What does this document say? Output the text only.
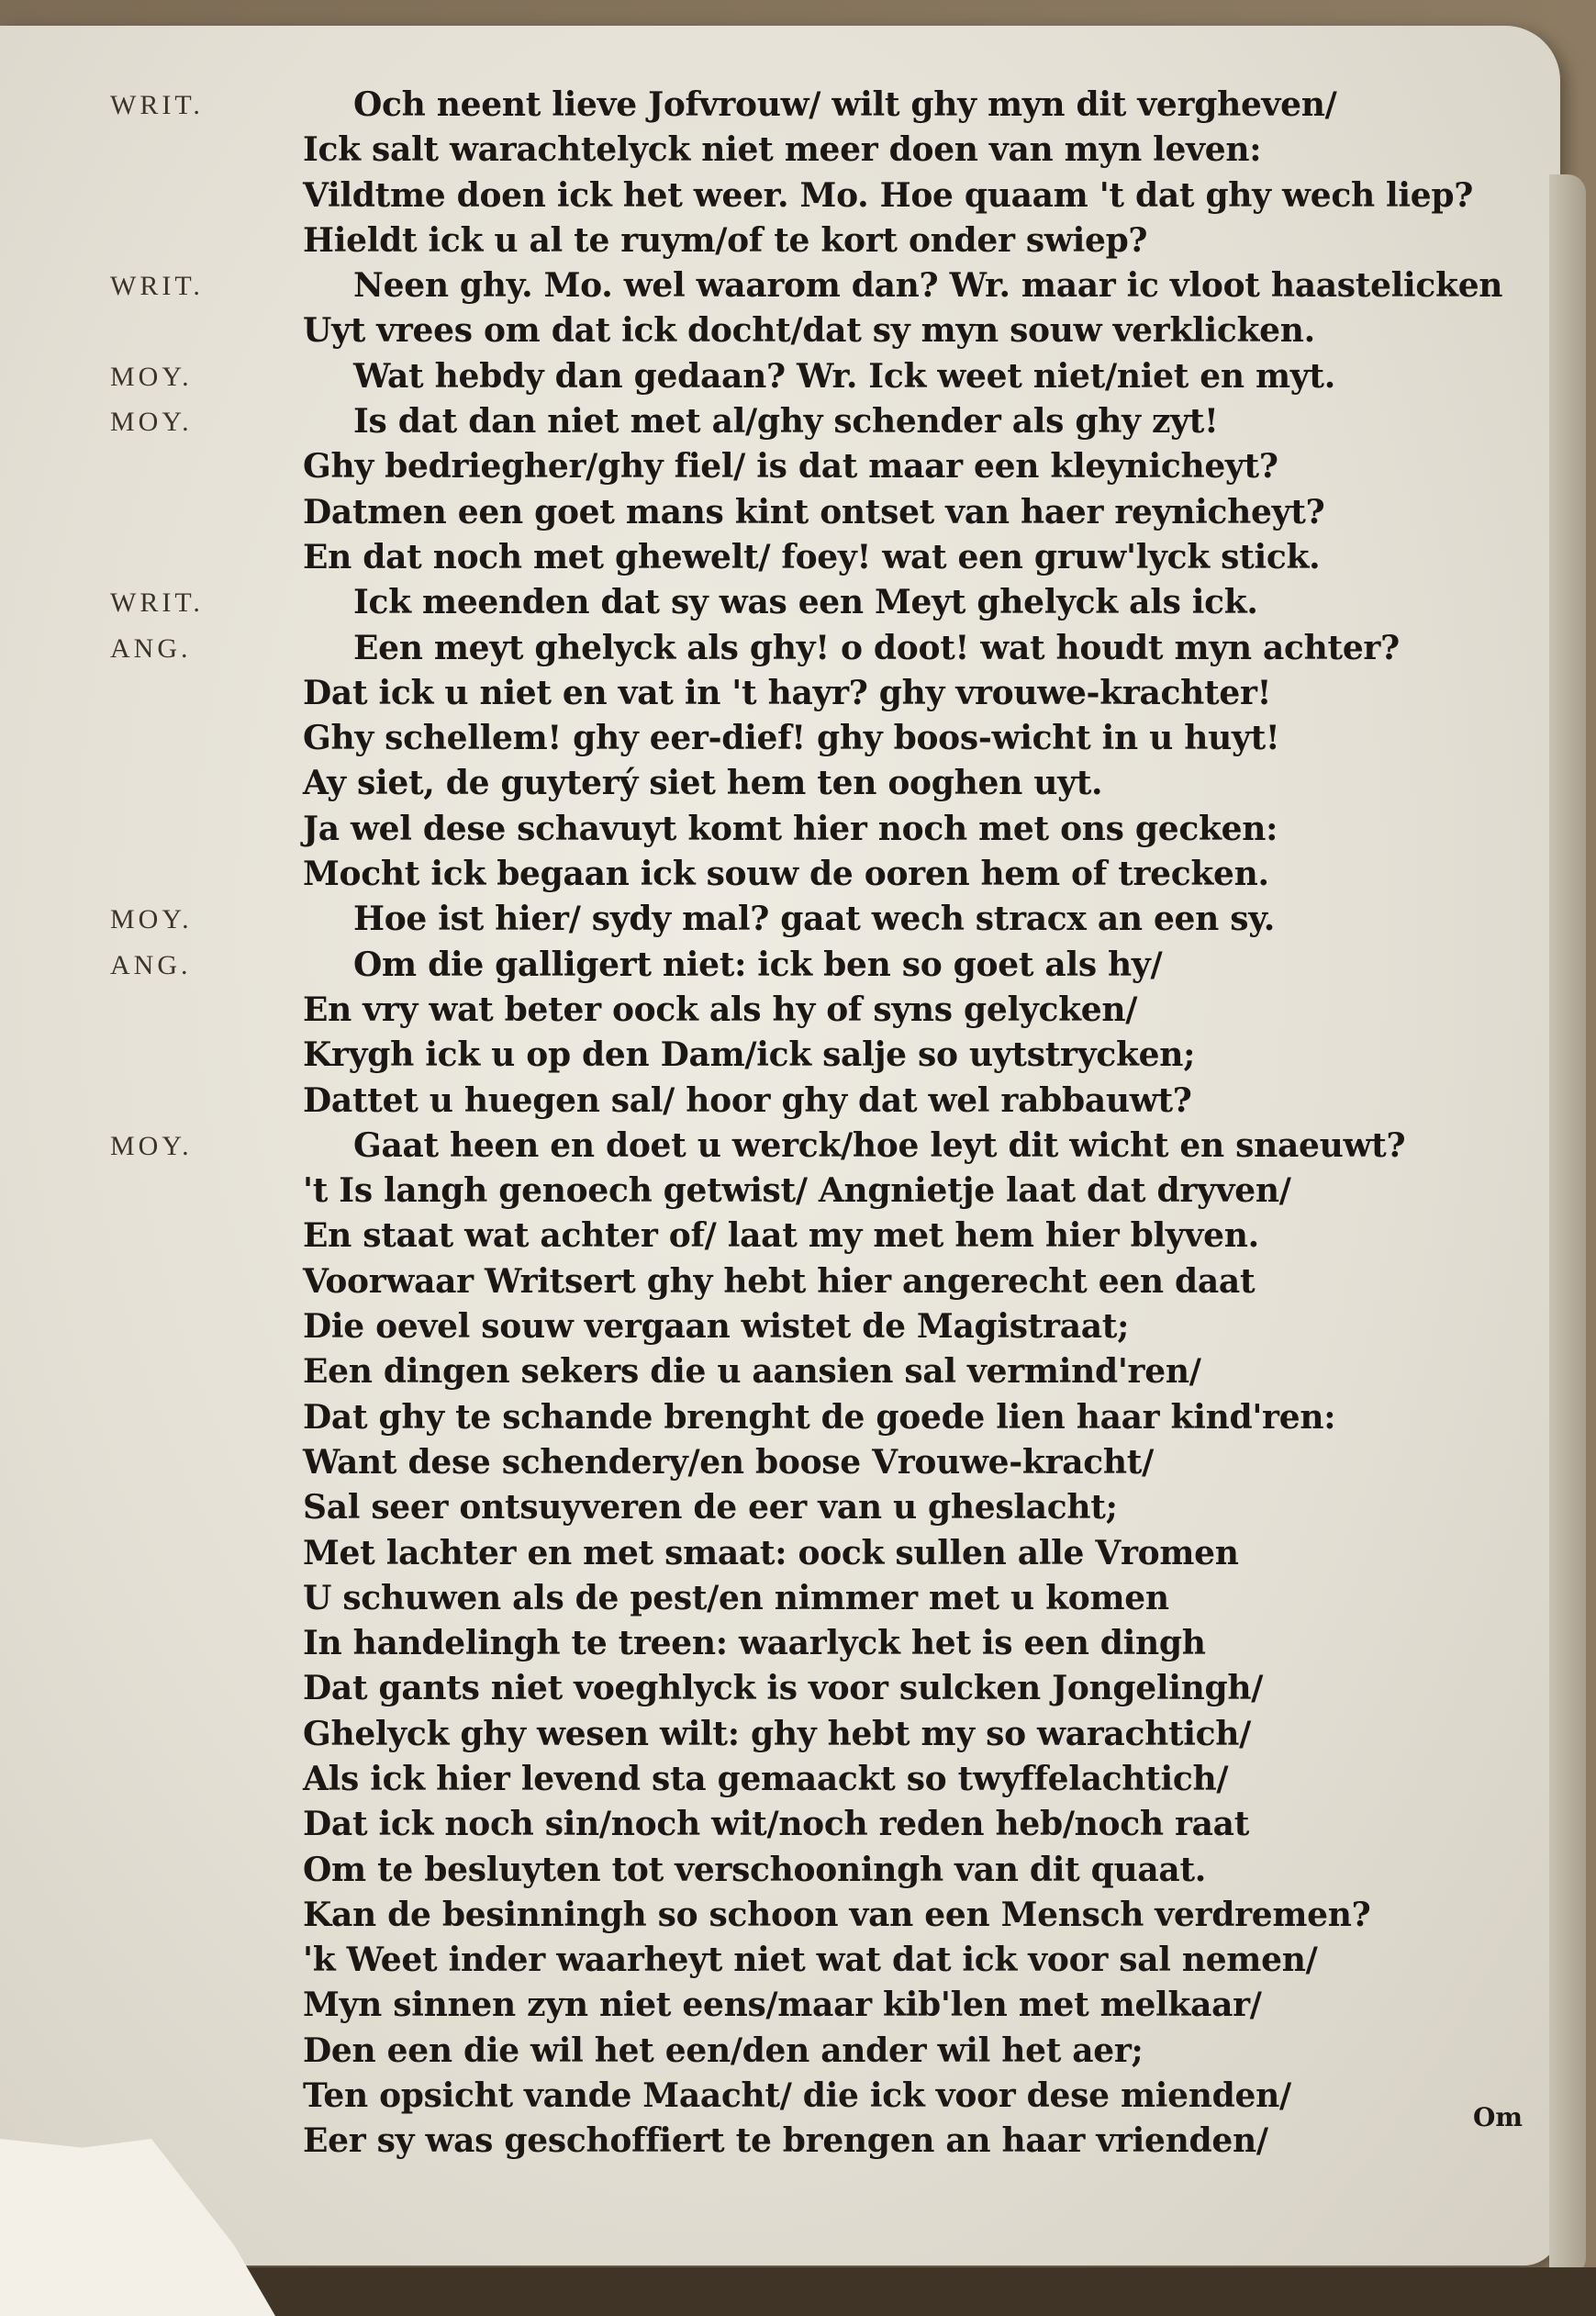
WRIT.	Och neent lieve Jofvrouw/ wilt ghy myn dit vergheven/
Ick salt warachtelyck niet meer doen van myn leven:
Vildtme doen ick het weer. Mo. Hoe quaam 't dat ghy wech liep?
Hieldt ick u al te ruym/of te kort onder swiep?
WRIT.	Neen ghy. Mo. wel waarom dan? Wr. maar ic vloot haastelicken
Uyt vrees om dat ick docht/dat sy myn souw verklicken.
MOY.	Wat hebdy dan gedaan? Wr. Ick weet niet/niet en myt.
MOY.	Is dat dan niet met al/ghy schender als ghy zyt!
Ghy bedriegher/ghy fiel/ is dat maar een kleynicheyt?
Datmen een goet mans kint ontset van haer reynicheyt?
En dat noch met ghewelt/ foey! wat een gruw'lyck stick.
WRIT.	Ick meenden dat sy was een Meyt ghelyck als ick.
ANG.	Een meyt ghelyck als ghy! o doot! wat houdt myn achter?
Dat ick u niet en vat in 't hayr? ghy vrouwe-krachter!
Ghy schellem! ghy eer-dief! ghy boos-wicht in u huyt!
Ay siet, de guyterý siet hem ten ooghen uyt.
Ja wel dese schavuyt komt hier noch met ons gecken:
Mocht ick begaan ick souw de ooren hem of trecken.
MOY.	Hoe ist hier/ sydy mal? gaat wech stracx an een sy.
ANG.	Om die galligert niet: ick ben so goet als hy/
En vry wat beter oock als hy of syns gelycken/
Krygh ick u op den Dam/ick salje so uytstrycken;
Dattet u huegen sal/ hoor ghy dat wel rabbauwt?
MOY.	Gaat heen en doet u werck/hoe leyt dit wicht en snaeuwt?
't Is langh genoech getwist/ Angnietje laat dat dryven/
En staat wat achter of/ laat my met hem hier blyven.
Voorwaar Writsert ghy hebt hier angerecht een daat
Die oevel souw vergaan wistet de Magistraat;
Een dingen sekers die u aansien sal vermind'ren/
Dat ghy te schande brenght de goede lien haar kind'ren:
Want dese schendery/en boose Vrouwe-kracht/
Sal seer ontsuyveren de eer van u gheslacht;
Met lachter en met smaat: oock sullen alle Vromen
U schuwen als de pest/en nimmer met u komen
In handelingh te treen: waarlyck het is een dingh
Dat gants niet voeghlyck is voor sulcken Jongelingh/
Ghelyck ghy wesen wilt: ghy hebt my so warachtich/
Als ick hier levend sta gemaackt so twyffelachtich/
Dat ick noch sin/noch wit/noch reden heb/noch raat
Om te besluyten tot verschooningh van dit quaat.
Kan de besinningh so schoon van een Mensch verdremen?
'k Weet inder waarheyt niet wat dat ick voor sal nemen/
Myn sinnen zyn niet eens/maar kib'len met melkaar/
Den een die wil het een/den ander wil het aer;
Ten opsicht vande Maacht/ die ick voor dese mienden/
Eer sy was geschoffiert te brengen an haar vrienden/
Om
